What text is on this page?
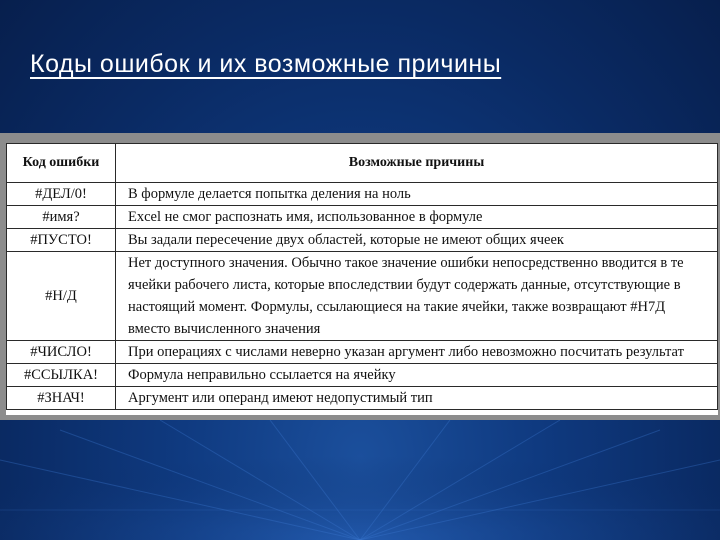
Коды ошибок и их возможные причины
Код ошибки	Возможные причины
#ДЕЛ/0!	В формуле делается попытка деления на ноль
#имя?	Excel не смог распознать имя, использованное в формуле
#ПУСТО!	Вы задали пересечение двух областей, которые не имеют общих ячеек
#Н/Д	Нет доступного значения. Обычно такое значение ошибки непосредственно вводится в те ячейки рабочего листа, которые впоследствии будут содержать данные, отсутствующие в настоящий момент. Формулы, ссылающиеся на такие ячейки, также возвращают #Н7Д вместо вычисленного значения
#ЧИСЛО!	При операциях с числами неверно указан аргумент либо невозможно посчитать результат
#ССЫЛКА!	Формула неправильно ссылается на ячейку
#ЗНАЧ!	Аргумент или операнд имеют недопустимый тип
